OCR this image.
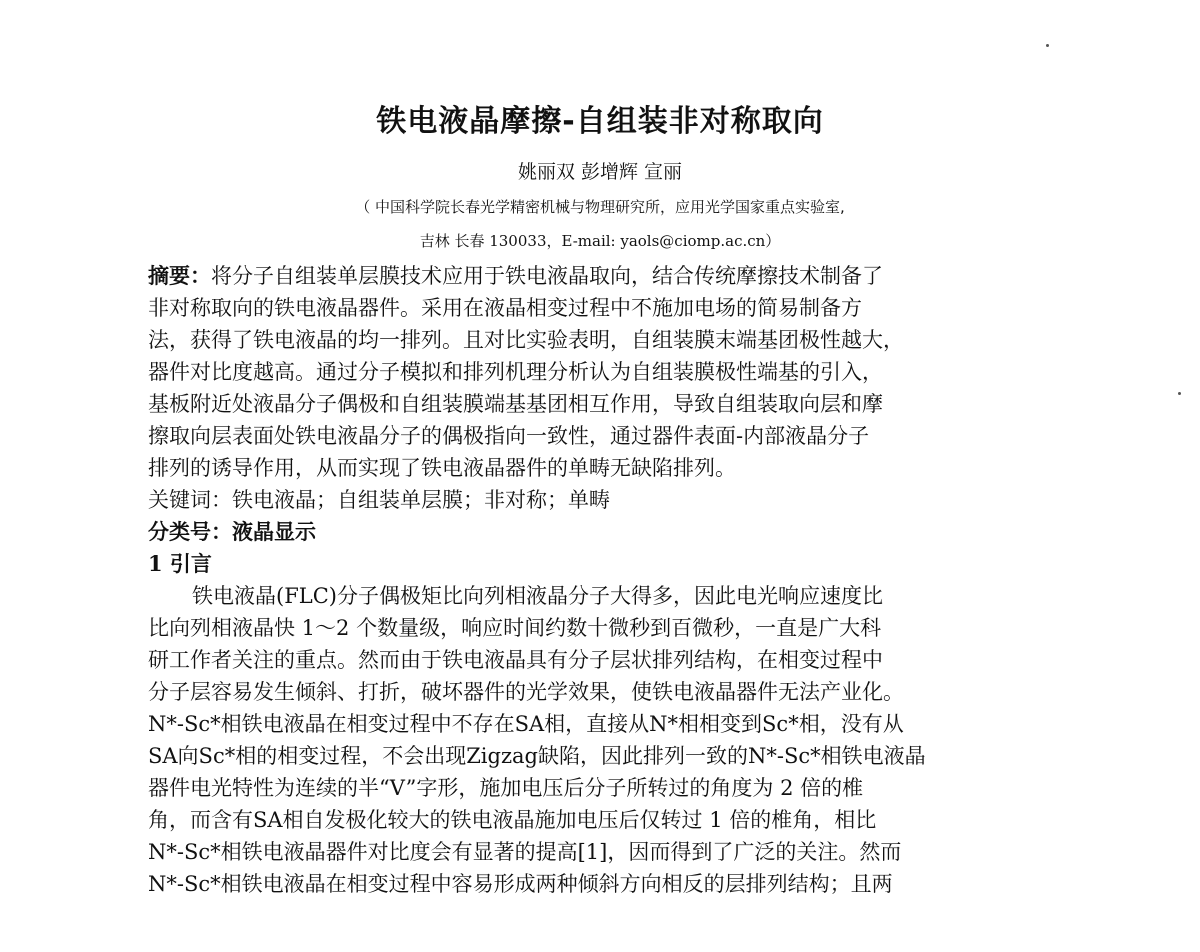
铁电液晶摩擦-自组装非对称取向
姚丽双 彭增辉 宣丽
（ 中国科学院长春光学精密机械与物理研究所，应用光学国家重点实验室,
吉林 长春 130033，E-mail: yaols@ciomp.ac.cn）
摘要：将分子自组装单层膜技术应用于铁电液晶取向，结合传统摩擦技术制备了
非对称取向的铁电液晶器件。采用在液晶相变过程中不施加电场的简易制备方
法，获得了铁电液晶的均一排列。且对比实验表明，自组装膜末端基团极性越大，
器件对比度越高。通过分子模拟和排列机理分析认为自组装膜极性端基的引入，
基板附近处液晶分子偶极和自组装膜端基基团相互作用，导致自组装取向层和摩
擦取向层表面处铁电液晶分子的偶极指向一致性，通过器件表面-内部液晶分子
排列的诱导作用，从而实现了铁电液晶器件的单畴无缺陷排列。
关键词：铁电液晶；自组装单层膜；非对称；单畴
分类号：液晶显示
1 引言
铁电液晶(FLC)分子偶极矩比向列相液晶分子大得多，因此电光响应速度比
比向列相液晶快 1～2 个数量级，响应时间约数十微秒到百微秒，一直是广大科
研工作者关注的重点。然而由于铁电液晶具有分子层状排列结构，在相变过程中
分子层容易发生倾斜、打折，破坏器件的光学效果，使铁电液晶器件无法产业化。
N*-Sc*相铁电液晶在相变过程中不存在SA相，直接从N*相相变到Sc*相，没有从
SA向Sc*相的相变过程，不会出现Zigzag缺陷，因此排列一致的N*-Sc*相铁电液晶
器件电光特性为连续的半“V”字形，施加电压后分子所转过的角度为 2 倍的椎
角，而含有SA相自发极化较大的铁电液晶施加电压后仅转过 1 倍的椎角，相比
N*-Sc*相铁电液晶器件对比度会有显著的提高[1]，因而得到了广泛的关注。然而
N*-Sc*相铁电液晶在相变过程中容易形成两种倾斜方向相反的层排列结构；且两
